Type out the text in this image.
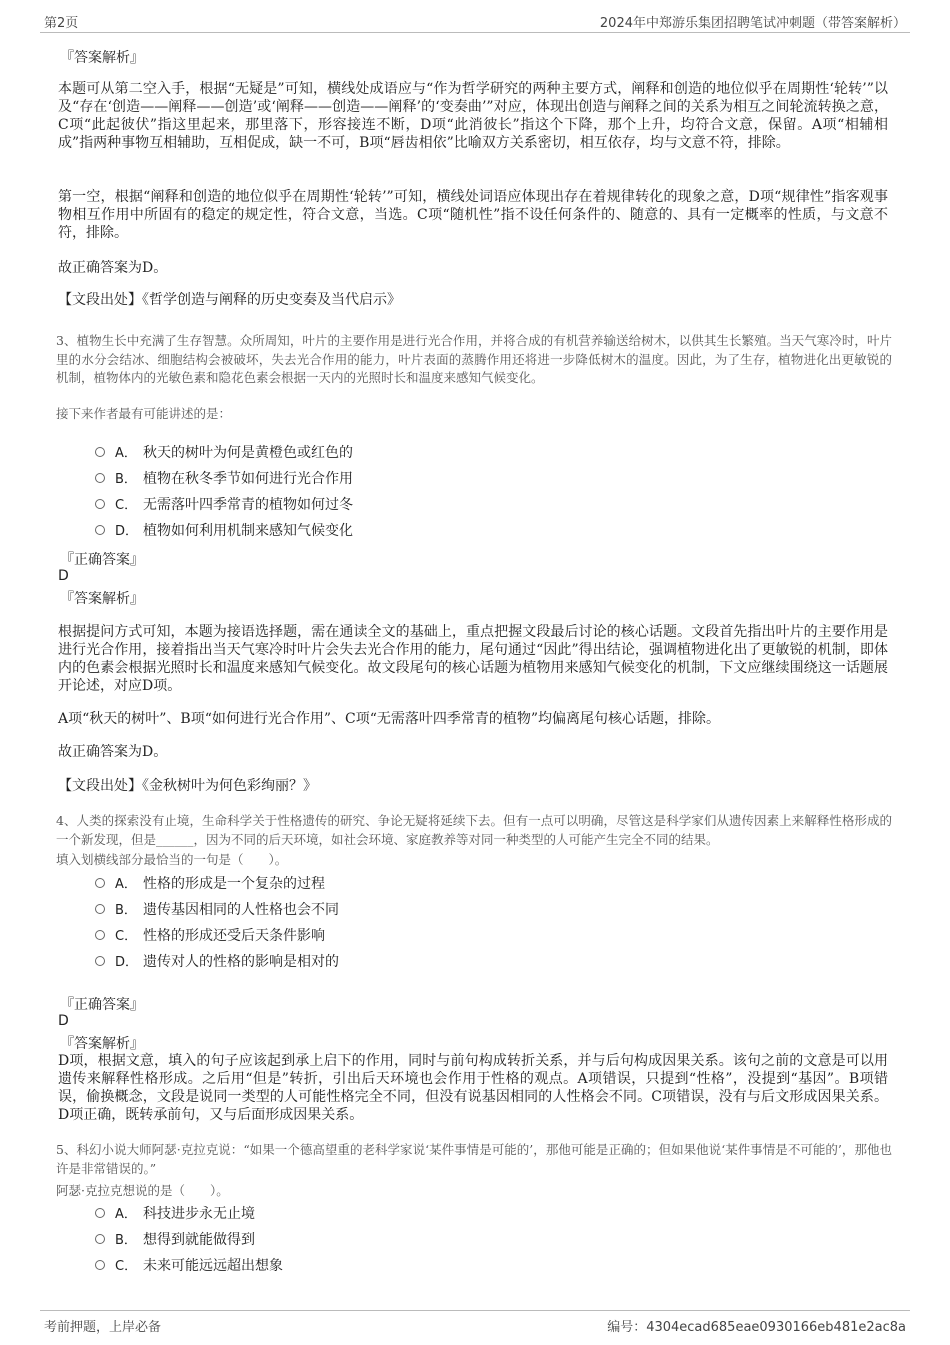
第2页	2024年中郑游乐集团招聘笔试冲刺题（带答案解析）
『答案解析』
本题可从第二空入手，根据“无疑是”可知，横线处成语应与“作为哲学研究的两种主要方式，阐释和创造的地位似乎在周期性‘轮转’”以及“存在‘创造——阐释——创造’或‘阐释——创造——阐释’的‘变奏曲’”对应，体现出创造与阐释之间的关系为相互之间轮流转换之意，C项“此起彼伏”指这里起来，那里落下，形容接连不断，D项“此消彼长”指这个下降，那个上升，均符合文意，保留。A项“相辅相成”指两种事物互相辅助，互相促成，缺一不可，B项“唇齿相依”比喻双方关系密切，相互依存，均与文意不符，排除。
第一空，根据“阐释和创造的地位似乎在周期性‘轮转’”可知，横线处词语应体现出存在着规律转化的现象之意，D项“规律性”指客观事物相互作用中所固有的稳定的规定性，符合文意，当选。C项“随机性”指不设任何条件的、随意的、具有一定概率的性质，与文意不符，排除。
故正确答案为D。
【文段出处】《哲学创造与阐释的历史变奏及当代启示》
3、植物生长中充满了生存智慧。众所周知，叶片的主要作用是进行光合作用，并将合成的有机营养输送给树木，以供其生长繁殖。当天气寒冷时，叶片里的水分会结冰、细胞结构会被破坏，失去光合作用的能力，叶片表面的蒸腾作用还将进一步降低树木的温度。因此，为了生存，植物进化出更敏锐的机制，植物体内的光敏色素和隐花色素会根据一天内的光照时长和温度来感知气候变化。
接下来作者最有可能讲述的是：
A． 秋天的树叶为何是黄橙色或红色的
B． 植物在秋冬季节如何进行光合作用
C． 无需落叶四季常青的植物如何过冬
D． 植物如何利用机制来感知气候变化
『正确答案』
D
『答案解析』
根据提问方式可知，本题为接语选择题，需在通读全文的基础上，重点把握文段最后讨论的核心话题。文段首先指出叶片的主要作用是进行光合作用，接着指出当天气寒冷时叶片会失去光合作用的能力，尾句通过“因此”得出结论，强调植物进化出了更敏锐的机制，即体内的色素会根据光照时长和温度来感知气候变化。故文段尾句的核心话题为植物用来感知气候变化的机制，下文应继续围绕这一话题展开论述，对应D项。
A项“秋天的树叶”、B项“如何进行光合作用”、C项“无需落叶四季常青的植物”均偏离尾句核心话题，排除。
故正确答案为D。
【文段出处】《金秋树叶为何色彩绚丽？》
4、人类的探索没有止境，生命科学关于性格遗传的研究、争论无疑将延续下去。但有一点可以明确，尽管这是科学家们从遗传因素上来解释性格形成的一个新发现，但是______，因为不同的后天环境，如社会环境、家庭教养等对同一种类型的人可能产生完全不同的结果。
填入划横线部分最恰当的一句是（　　）。
A． 性格的形成是一个复杂的过程
B． 遗传基因相同的人性格也会不同
C． 性格的形成还受后天条件影响
D． 遗传对人的性格的影响是相对的
『正确答案』
D
『答案解析』
D项，根据文意，填入的句子应该起到承上启下的作用，同时与前句构成转折关系，并与后句构成因果关系。该句之前的文意是可以用遗传来解释性格形成。之后用“但是”转折，引出后天环境也会作用于性格的观点。A项错误，只提到“性格”，没提到“基因”。B项错误，偷换概念，文段是说同一类型的人可能性格完全不同，但没有说基因相同的人性格会不同。C项错误，没有与后文形成因果关系。D项正确，既转承前句，又与后面形成因果关系。
5、科幻小说大师阿瑟·克拉克说：“如果一个德高望重的老科学家说‘某件事情是可能的’，那他可能是正确的；但如果他说‘某件事情是不可能的’，那他也许是非常错误的。”
阿瑟·克拉克想说的是（　　）。
A． 科技进步永无止境
B． 想得到就能做得到
C． 未来可能远远超出想象
考前押题，上岸必备	编号：4304ecad685eae0930166eb481e2ac8a
